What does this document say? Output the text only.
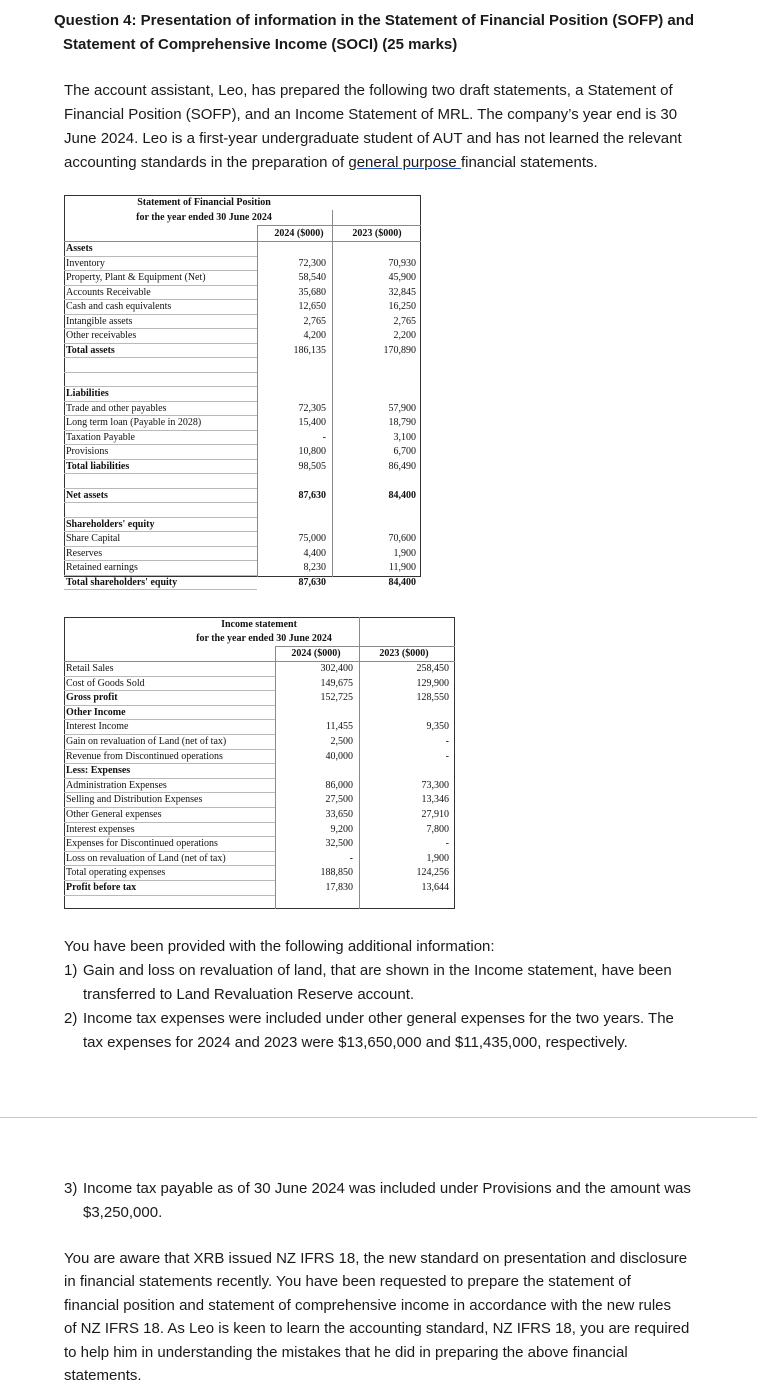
Question 4: Presentation of information in the Statement of Financial Position (SOFP) and
Statement of Comprehensive Income (SOCI) (25 marks)
The account assistant, Leo, has prepared the following two draft statements, a Statement of
Financial Position (SOFP), and an Income Statement of MRL. The company’s year end is 30
June 2024. Leo is a first-year undergraduate student of AUT and has not learned the relevant
accounting standards in the preparation of general purpose financial statements.
Statement of Financial Position
for the year ended 30 June 2024
2024 ($000)	2023 ($000)
Assets
Inventory	72,300	70,930
Property, Plant & Equipment (Net)	58,540	45,900
Accounts Receivable	35,680	32,845
Cash and cash equivalents	12,650	16,250
Intangible assets	2,765	2,765
Other receivables	4,200	2,200
Total assets	186,135	170,890
Liabilities
Trade and other payables	72,305	57,900
Long term loan (Payable in 2028)	15,400	18,790
Taxation Payable	-	3,100
Provisions	10,800	6,700
Total liabilities	98,505	86,490
Net assets	87,630	84,400
Shareholders' equity
Share Capital	75,000	70,600
Reserves	4,400	1,900
Retained earnings	8,230	11,900
Total shareholders' equity	87,630	84,400
Income statement
for the year ended 30 June 2024
2024 ($000)	2023 ($000)
Retail Sales	302,400	258,450
Cost of Goods Sold	149,675	129,900
Gross profit	152,725	128,550
Other Income
Interest Income	11,455	9,350
Gain on revaluation of Land (net of tax)	2,500	-
Revenue from Discontinued operations	40,000	-
Less: Expenses
Administration Expenses	86,000	73,300
Selling and Distribution Expenses	27,500	13,346
Other General expenses	33,650	27,910
Interest expenses	9,200	7,800
Expenses for Discontinued operations	32,500	-
Loss on revaluation of Land (net of tax)	-	1,900
Total operating expenses	188,850	124,256
Profit before tax	17,830	13,644
You have been provided with the following additional information:
1) Gain and loss on revaluation of land, that are shown in the Income statement, have been
transferred to Land Revaluation Reserve account.
2) Income tax expenses were included under other general expenses for the two years. The
tax expenses for 2024 and 2023 were $13,650,000 and $11,435,000, respectively.
3) Income tax payable as of 30 June 2024 was included under Provisions and the amount was
$3,250,000.
You are aware that XRB issued NZ IFRS 18, the new standard on presentation and disclosure
in financial statements recently. You have been requested to prepare the statement of
financial position and statement of comprehensive income in accordance with the new rules
of NZ IFRS 18. As Leo is keen to learn the accounting standard, NZ IFRS 18, you are required
to help him in understanding the mistakes that he did in preparing the above financial
statements.
